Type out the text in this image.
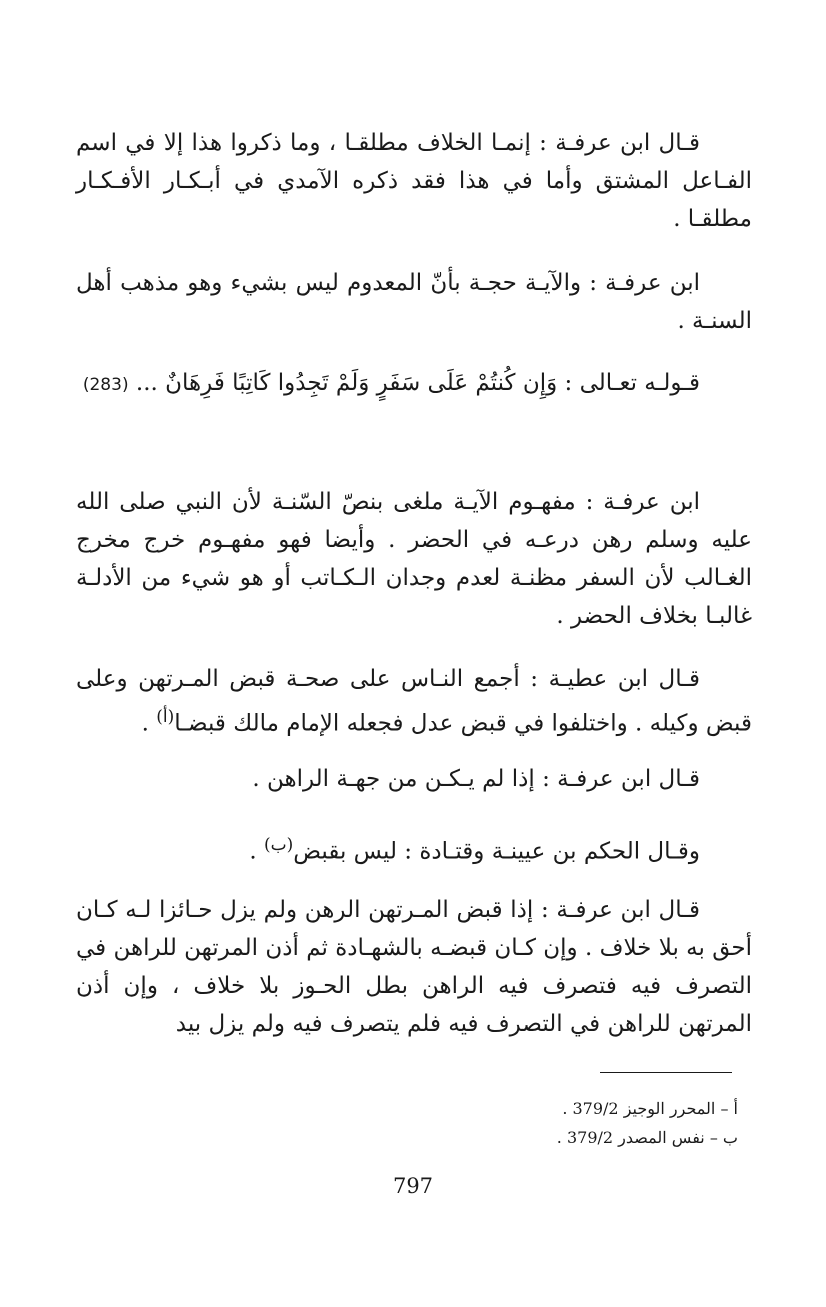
قـال ابن عرفـة : إنمـا الخلاف مطلقـا ، وما ذكروا هذا إلا في اسم الفـاعل المشتق وأما في هذا فقد ذكره الآمدي في أبـكـار الأفـكـار مطلقـا .

ابن عرفـة : والآيـة حجـة بأنّ المعدوم ليس بشيء وهو مذهب أهل السنـة .

قـولـه تعـالى : وَإِن كُنتُمْ عَلَى سَفَرٍ وَلَمْ تَجِدُوا كَاتِبًا فَرِهَانٌ ... (283)

ابن عرفـة : مفهـوم الآيـة ملغى بنصّ السّنـة لأن النبي صلى الله عليه وسلم رهن درعـه في الحضر . وأيضا فهو مفهـوم خرج مخرج الغـالب لأن السفر مظنـة لعدم وجدان الـكـاتب أو هو شيء من الأدلـة غالبـا بخلاف الحضر .

قـال ابن عطيـة : أجمع النـاس على صحـة قبض المـرتهن وعلى قبض وكيله . واختلفوا في قبض عدل فجعله الإمام مالك قبضـا$^{(أ)}$ .

قـال ابن عرفـة : إذا لم يـكـن من جهـة الراهن .

وقـال الحكم بن عيينـة وقتـادة : ليس بقبض$^{(ب)}$ .

قـال ابن عرفـة : إذا قبض المـرتهن الرهن ولم يزل حـائزا لـه كـان أحق به بلا خلاف . وإن كـان قبضـه بالشهـادة ثم أذن المرتهن للراهن في التصرف فيه فتصرف فيه الراهن بطل الحـوز بلا خلاف ، وإن أذن المرتهن للراهن في التصرف فيه فلم يتصرف فيه ولم يزل بيد

أ – المحرر الوجيز 379/2 .

ب – نفس المصدر 379/2 .

797
